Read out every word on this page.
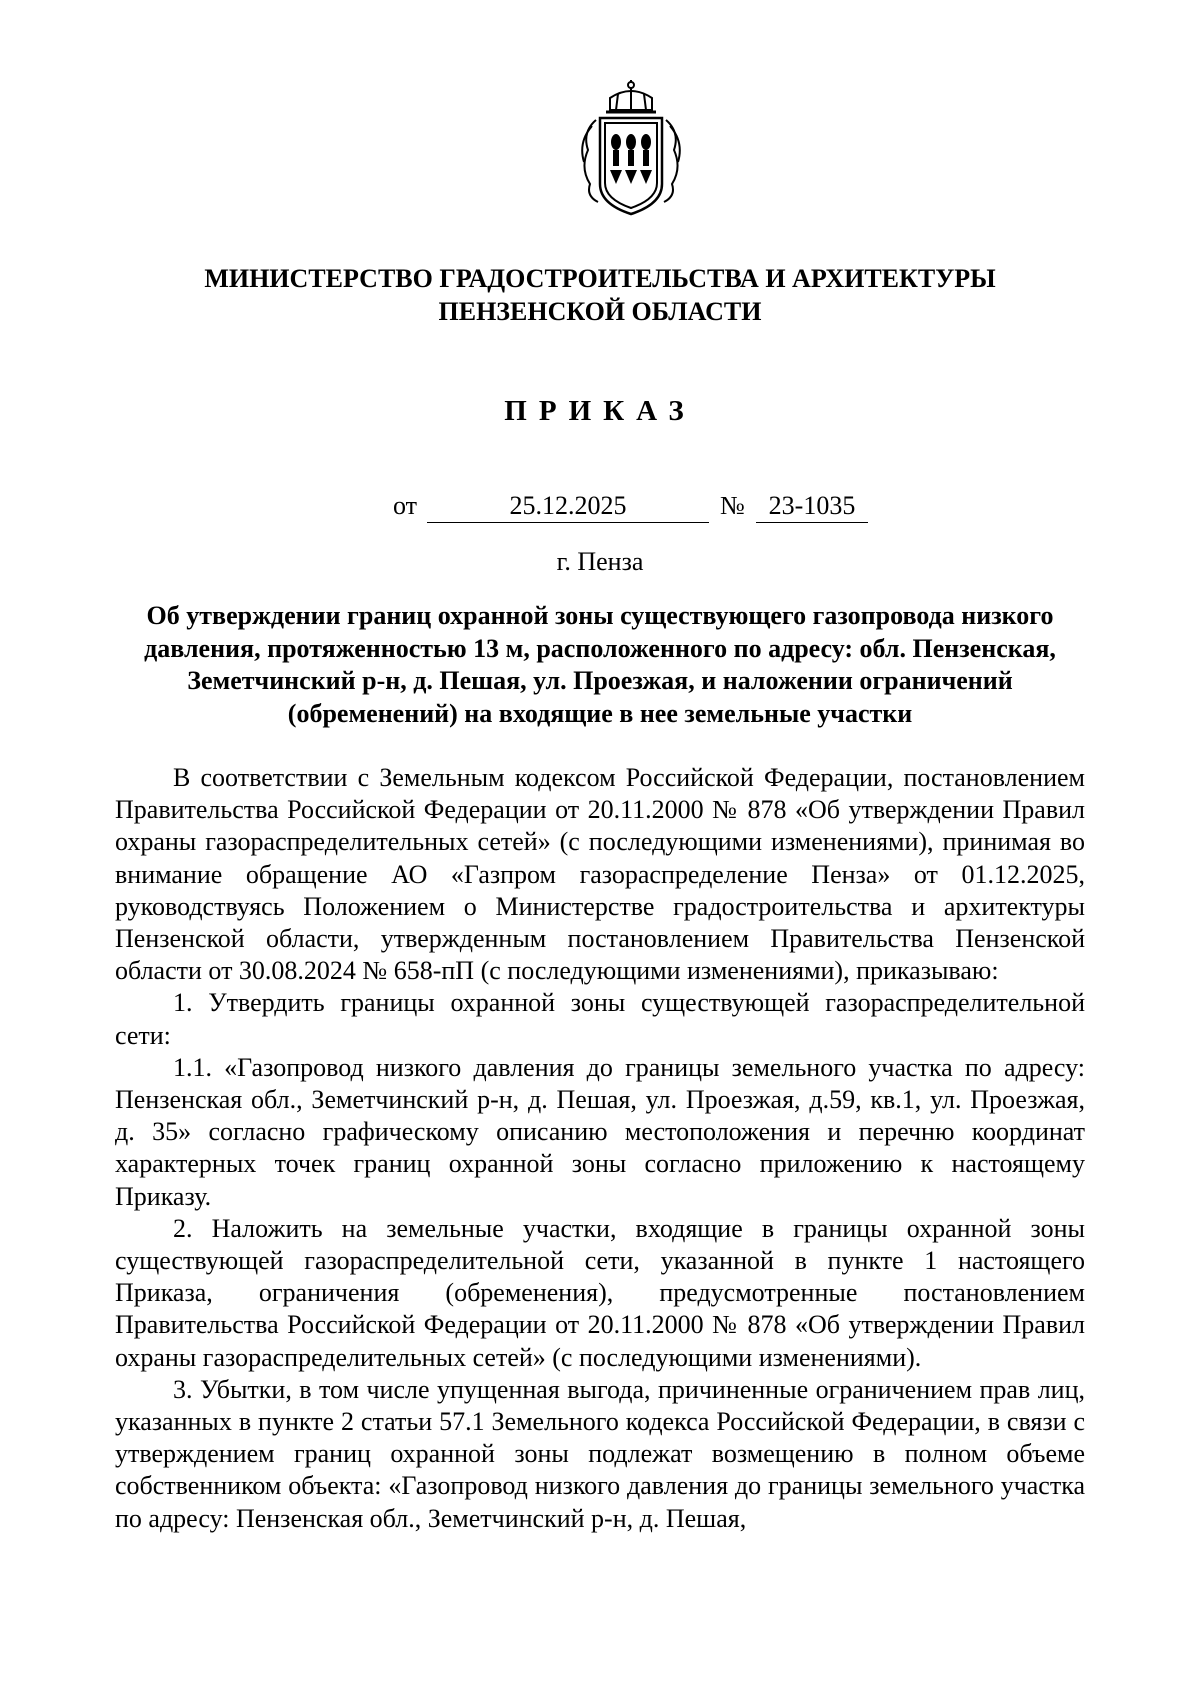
МИНИСТЕРСТВО ГРАДОСТРОИТЕЛЬСТВА И АРХИТЕКТУРЫ
ПЕНЗЕНСКОЙ ОБЛАСТИ
ПРИКАЗ
от	25.12.2025	№ 23-1035
г. Пенза
Об утверждении границ охранной зоны существующего газопровода низкого давления, протяженностью 13 м, расположенного по адресу: обл. Пензенская, Земетчинский р-н, д. Пешая, ул. Проезжая, и наложении ограничений (обременений) на входящие в нее земельные участки

В соответствии с Земельным кодексом Российской Федерации, постановлением Правительства Российской Федерации от 20.11.2000 № 878 «Об утверждении Правил охраны газораспределительных сетей» (с последующими изменениями), принимая во внимание обращение АО «Газпром газораспределение Пенза» от 01.12.2025, руководствуясь Положением о Министерстве градостроительства и архитектуры Пензенской области, утвержденным постановлением Правительства Пензенской области от 30.08.2024 № 658-пП (с последующими изменениями), приказываю:

1. Утвердить границы охранной зоны существующей газораспределительной сети:

1.1. «Газопровод низкого давления до границы земельного участка по адресу: Пензенская обл., Земетчинский р-н, д. Пешая, ул. Проезжая, д.59, кв.1, ул. Проезжая, д. 35» согласно графическому описанию местоположения и перечню координат характерных точек границ охранной зоны согласно приложению к настоящему Приказу.

2. Наложить на земельные участки, входящие в границы охранной зоны существующей газораспределительной сети, указанной в пункте 1 настоящего Приказа, ограничения (обременения), предусмотренные постановлением Правительства Российской Федерации от 20.11.2000 № 878 «Об утверждении Правил охраны газораспределительных сетей» (с последующими изменениями).

3. Убытки, в том числе упущенная выгода, причиненные ограничением прав лиц, указанных в пункте 2 статьи 57.1 Земельного кодекса Российской Федерации, в связи с утверждением границ охранной зоны подлежат возмещению в полном объеме собственником объекта: «Газопровод низкого давления до границы земельного участка по адресу: Пензенская обл., Земетчинский р-н, д. Пешая,
